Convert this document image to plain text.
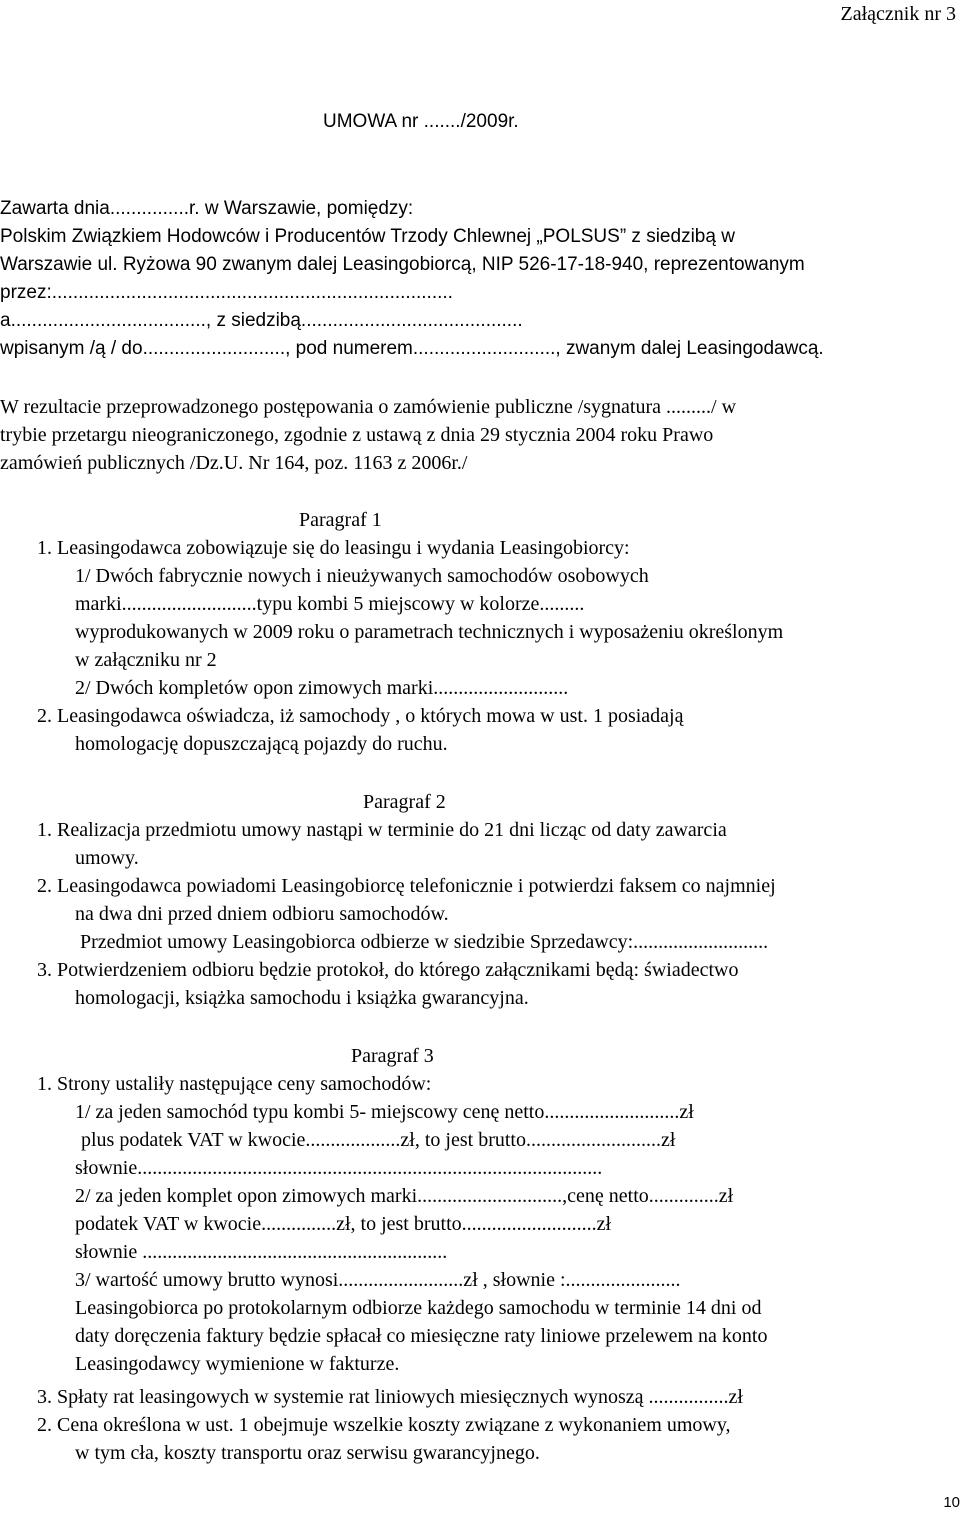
Załącznik nr 3
UMOWA nr ......./2009r.
Zawarta dnia...............r. w Warszawie, pomiędzy:
Polskim Związkiem Hodowców i Producentów Trzody Chlewnej „POLSUS” z siedzibą w
Warszawie ul. Ryżowa 90 zwanym dalej Leasingobiorcą, NIP 526-17-18-940, reprezentowanym
przez:............................................................................
a....................................., z siedzibą..........................................
wpisanym /ą / do..........................., pod numerem..........................., zwanym dalej Leasingodawcą.
W rezultacie przeprowadzonego postępowania o zamówienie publiczne /sygnatura ........./ w
trybie przetargu nieograniczonego, zgodnie z ustawą z dnia 29 stycznia 2004 roku Prawo
zamówień publicznych /Dz.U. Nr 164, poz. 1163 z 2006r./
Paragraf 1
1. Leasingodawca zobowiązuje się do leasingu i wydania Leasingobiorcy:
1/ Dwóch fabrycznie nowych i nieużywanych samochodów osobowych
marki...........................typu kombi 5 miejscowy w kolorze.........
wyprodukowanych w 2009 roku o parametrach technicznych i wyposażeniu określonym
w załączniku nr 2
2/ Dwóch kompletów opon zimowych marki...........................
2. Leasingodawca oświadcza, iż samochody , o których mowa w ust. 1 posiadają
homologację dopuszczającą pojazdy do ruchu.
Paragraf 2
1. Realizacja przedmiotu umowy nastąpi w terminie do 21 dni licząc od daty zawarcia
umowy.
2. Leasingodawca powiadomi Leasingobiorcę telefonicznie i potwierdzi faksem co najmniej
na dwa dni przed dniem odbioru samochodów.
Przedmiot umowy Leasingobiorca odbierze w siedzibie Sprzedawcy:...........................
3. Potwierdzeniem odbioru będzie protokoł, do którego załącznikami będą: świadectwo
homologacji, książka samochodu i książka gwarancyjna.
Paragraf 3
1. Strony ustaliły następujące ceny samochodów:
1/ za jeden samochód typu kombi 5- miejscowy cenę netto...........................zł
plus podatek VAT w kwocie...................zł, to jest brutto...........................zł
słownie.............................................................................................
2/ za jeden komplet opon zimowych marki.............................,cenę netto..............zł
podatek VAT w kwocie...............zł, to jest brutto...........................zł
słownie .............................................................
3/ wartość umowy brutto wynosi.........................zł , słownie :.......................
Leasingobiorca po protokolarnym odbiorze każdego samochodu w terminie 14 dni od
daty doręczenia faktury będzie spłacał co miesięczne raty liniowe przelewem na konto
Leasingodawcy wymienione w fakturze.
3. Spłaty rat leasingowych w systemie rat liniowych miesięcznych wynoszą ................zł
2. Cena określona w ust. 1 obejmuje wszelkie koszty związane z wykonaniem umowy,
w tym cła, koszty transportu oraz serwisu gwarancyjnego.
10
